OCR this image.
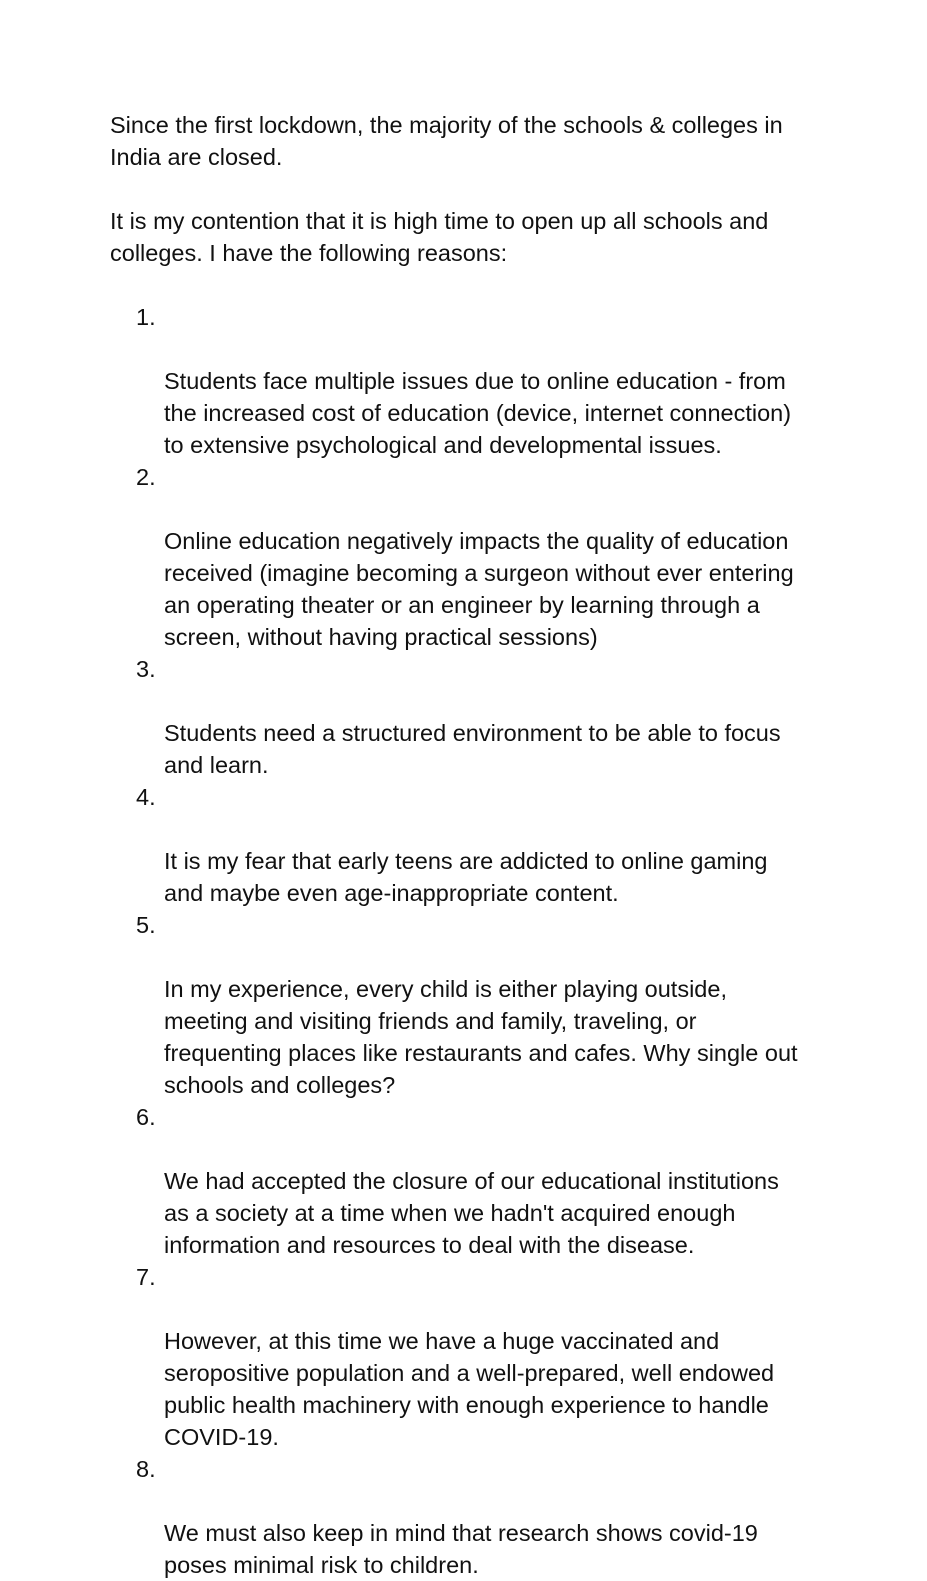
Since the first lockdown, the majority of the schools & colleges in
India are closed.

It is my contention that it is high time to open up all schools and
colleges. I have the following reasons:

1.

Students face multiple issues due to online education - from
the increased cost of education (device, internet connection)
to extensive psychological and developmental issues.

2.

Online education negatively impacts the quality of education
received (imagine becoming a surgeon without ever entering
an operating theater or an engineer by learning through a
screen, without having practical sessions)

3.

Students need a structured environment to be able to focus
and learn.

4.

It is my fear that early teens are addicted to online gaming
and maybe even age-inappropriate content.

5.

In my experience, every child is either playing outside,
meeting and visiting friends and family, traveling, or
frequenting places like restaurants and cafes. Why single out
schools and colleges?

6.

We had accepted the closure of our educational institutions
as a society at a time when we hadn't acquired enough
information and resources to deal with the disease.

7.

However, at this time we have a huge vaccinated and
seropositive population and a well-prepared, well endowed
public health machinery with enough experience to handle
COVID-19.

8.

We must also keep in mind that research shows covid-19
poses minimal risk to children.
